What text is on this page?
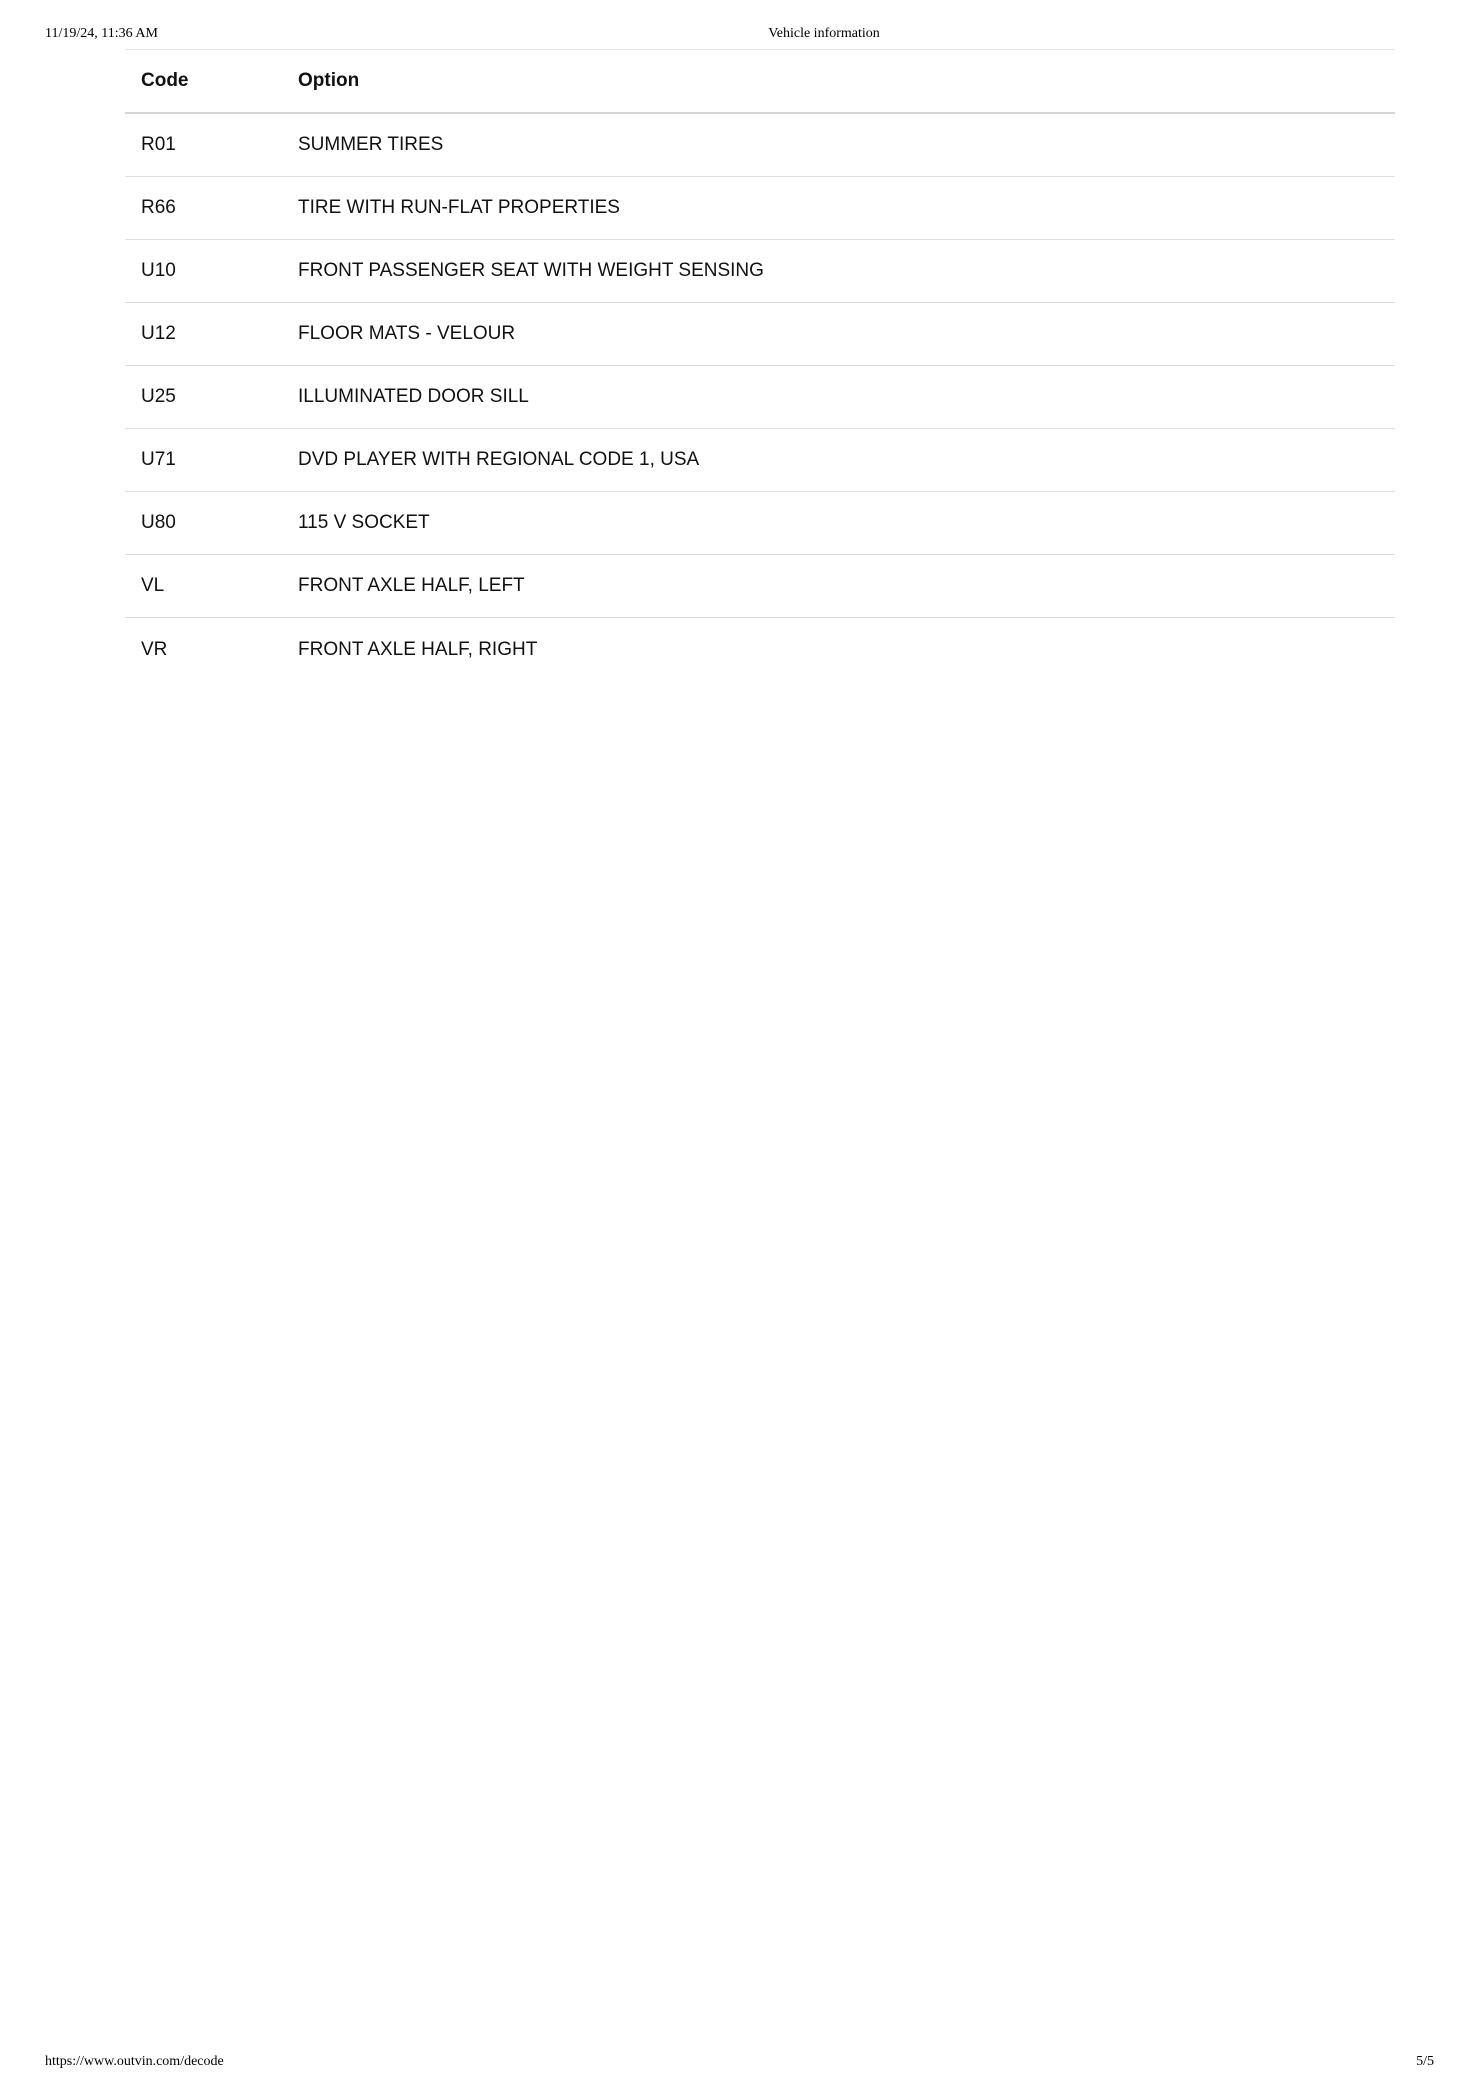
11/19/24, 11:36 AM	Vehicle information
Code	Option
R01	SUMMER TIRES
R66	TIRE WITH RUN-FLAT PROPERTIES
U10	FRONT PASSENGER SEAT WITH WEIGHT SENSING
U12	FLOOR MATS - VELOUR
U25	ILLUMINATED DOOR SILL
U71	DVD PLAYER WITH REGIONAL CODE 1, USA
U80	115 V SOCKET
VL	FRONT AXLE HALF, LEFT
VR	FRONT AXLE HALF, RIGHT
https://www.outvin.com/decode	5/5
